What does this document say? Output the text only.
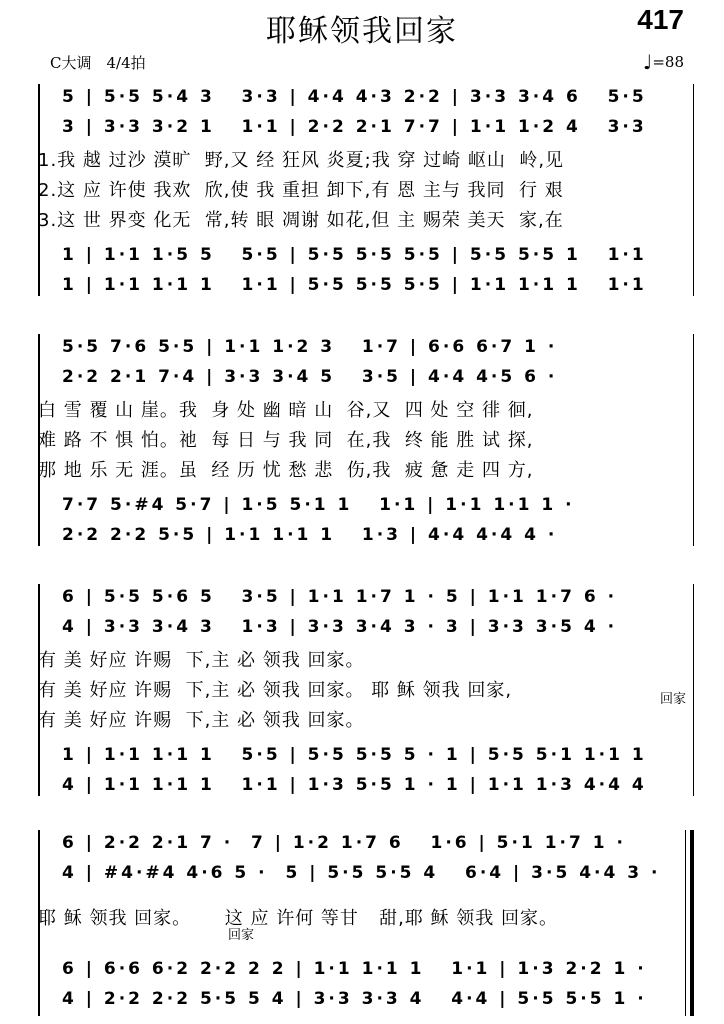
耶稣领我回家	417
C大调　4/4拍	♩=88
5 | 5·5 5·4 3   3·3 | 4·4 4·3 2·2 | 3·3 3·4 6   5·5
3 | 3·3 3·2 1   1·1 | 2·2 2·1 7·7 | 1·1 1·2 4   3·3
1.我 越 过沙 漠旷  野,又 经 狂风 炎夏;我 穿 过崎 岖山  岭,见
2.这 应 许使 我欢  欣,使 我 重担 卸下,有 恩 主与 我同  行 艰
3.这 世 界变 化无  常,转 眼 凋谢 如花,但 主 赐荣 美天  家,在
1 | 1·1 1·5 5   5·5 | 5·5 5·5 5·5 | 5·5 5·5 1   1·1
1 | 1·1 1·1 1   1·1 | 5·5 5·5 5·5 | 1·1 1·1 1   1·1
5·5 7·6 5·5 | 1·1 1·2 3   1·7 | 6·6 6·7 1 ·
2·2 2·1 7·4 | 3·3 3·4 5   3·5 | 4·4 4·5 6 ·
白 雪 覆 山 崖。我  身 处 幽 暗 山  谷,又  四 处 空 徘 徊,
难 路 不 惧 怕。祂  每 日 与 我 同  在,我  终 能 胜 试 探,
那 地 乐 无 涯。虽  经 历 忧 愁 悲  伤,我  疲 惫 走 四 方,
7·7 5·#4 5·7 | 1·5 5·1 1   1·1 | 1·1 1·1 1 ·
2·2 2·2 5·5 | 1·1 1·1 1   1·3 | 4·4 4·4 4 ·
6 | 5·5 5·6 5   3·5 | 1·1 1·7 1 · 5 | 1·1 1·7 6 ·
4 | 3·3 3·4 3   1·3 | 3·3 3·4 3 · 3 | 3·3 3·5 4 ·
有 美 好应 许赐  下,主 必 领我 回家。
有 美 好应 许赐  下,主 必 领我 回家。 耶 稣 领我 回家,	回家
有 美 好应 许赐  下,主 必 领我 回家。
1 | 1·1 1·1 1   5·5 | 5·5 5·5 5 · 1 | 5·5 5·1 1·1 1
4 | 1·1 1·1 1   1·1 | 1·3 5·5 1 · 1 | 1·1 1·3 4·4 4
6 | 2·2 2·1 7 ·  7 | 1·2 1·7 6   1·6 | 5·1 1·7 1 ·
4 | #4·#4 4·6 5 ·  5 | 5·5 5·5 4   6·4 | 3·5 4·4 3 ·
耶 稣 领我 回家。     这 应 许何 等甘   甜,耶 稣 领我 回家。
回家
6 | 6·6 6·2 2·2 2 2 | 1·1 1·1 1   1·1 | 1·3 2·2 1 ·
4 | 2·2 2·2 5·5 5 4 | 3·3 3·3 4   4·4 | 5·5 5·5 1 ·
